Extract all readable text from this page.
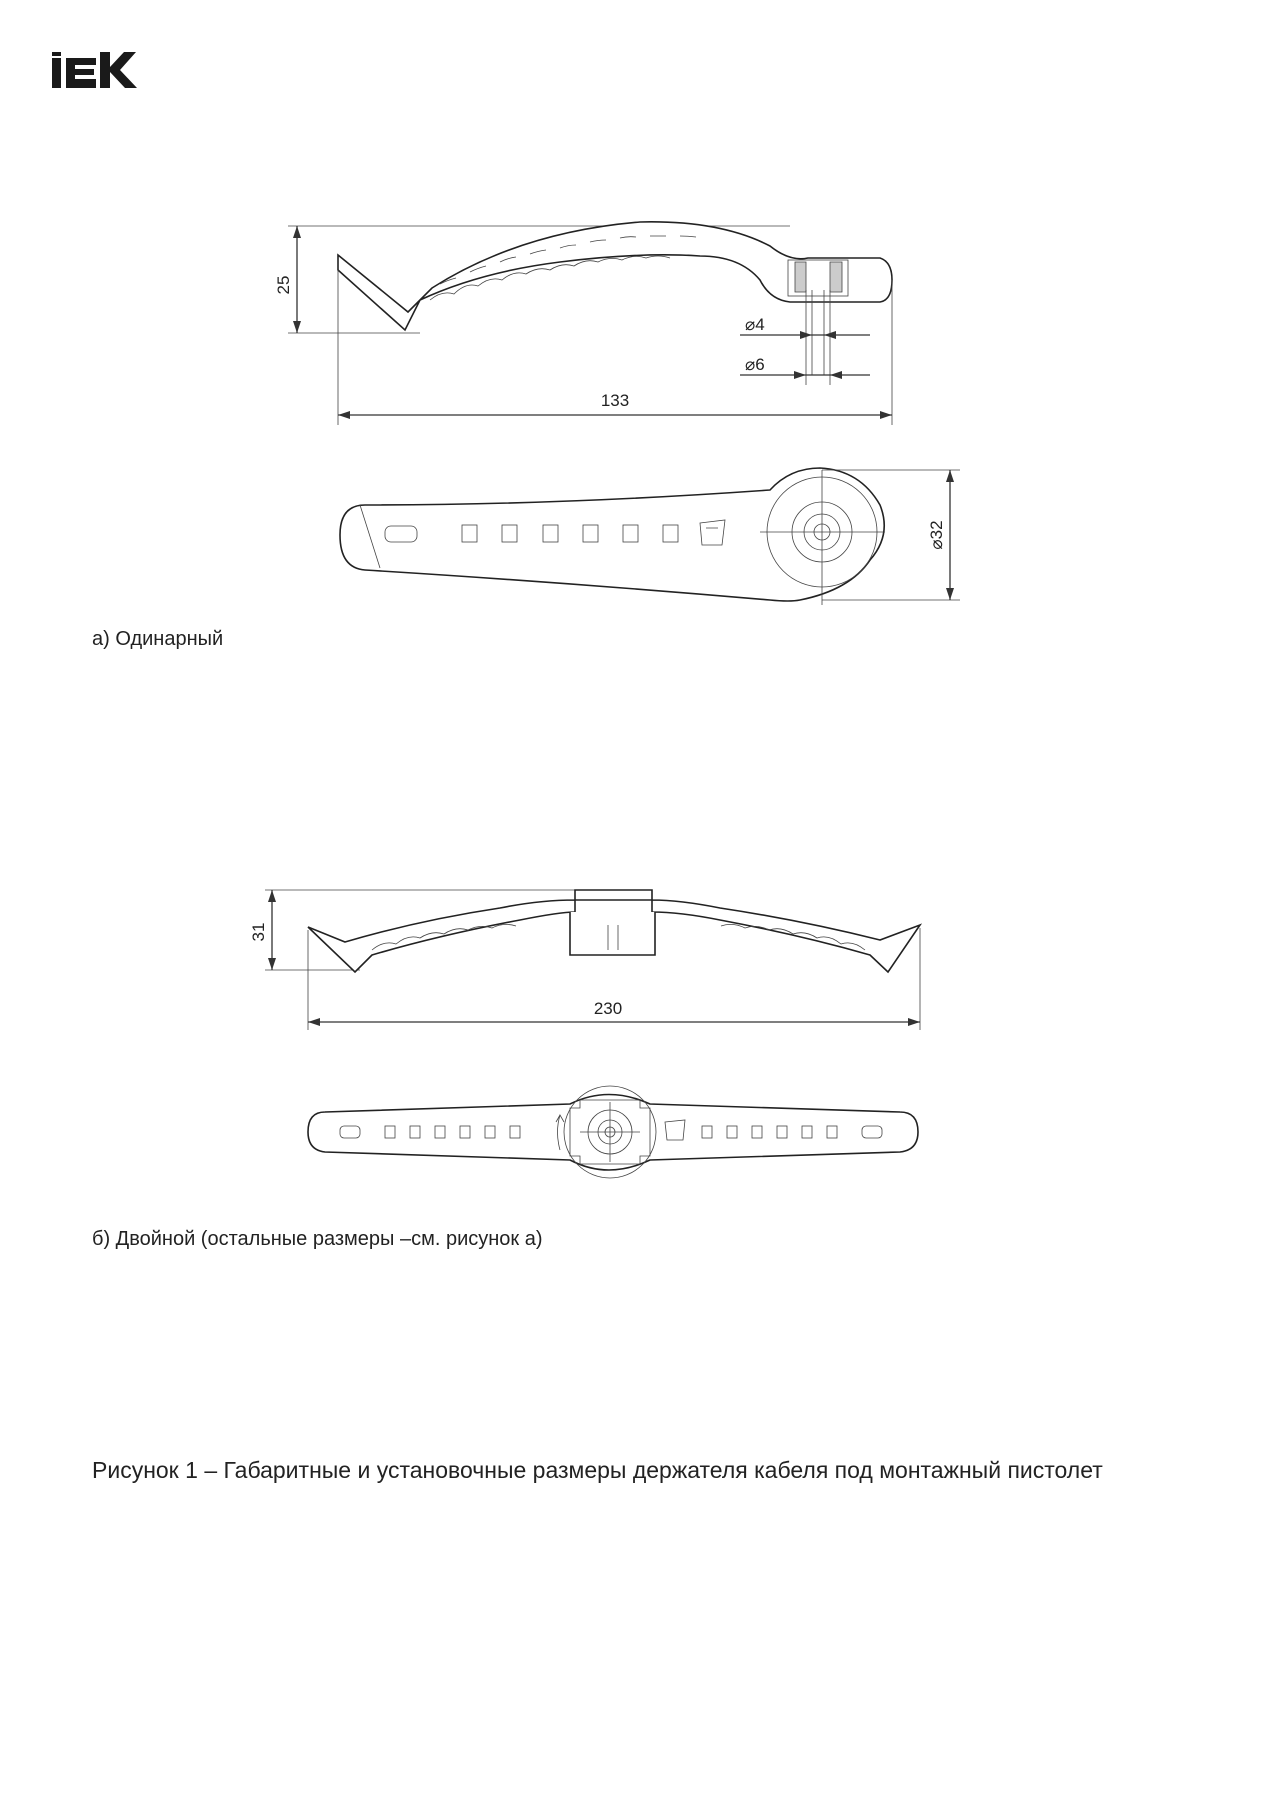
25
⌀4
⌀6
133
⌀32
31
230
а) Одинарный
б) Двойной (остальные размеры –см. рисунок а)
Рисунок 1 – Габаритные и установочные размеры держателя кабеля под монтажный пистолет
